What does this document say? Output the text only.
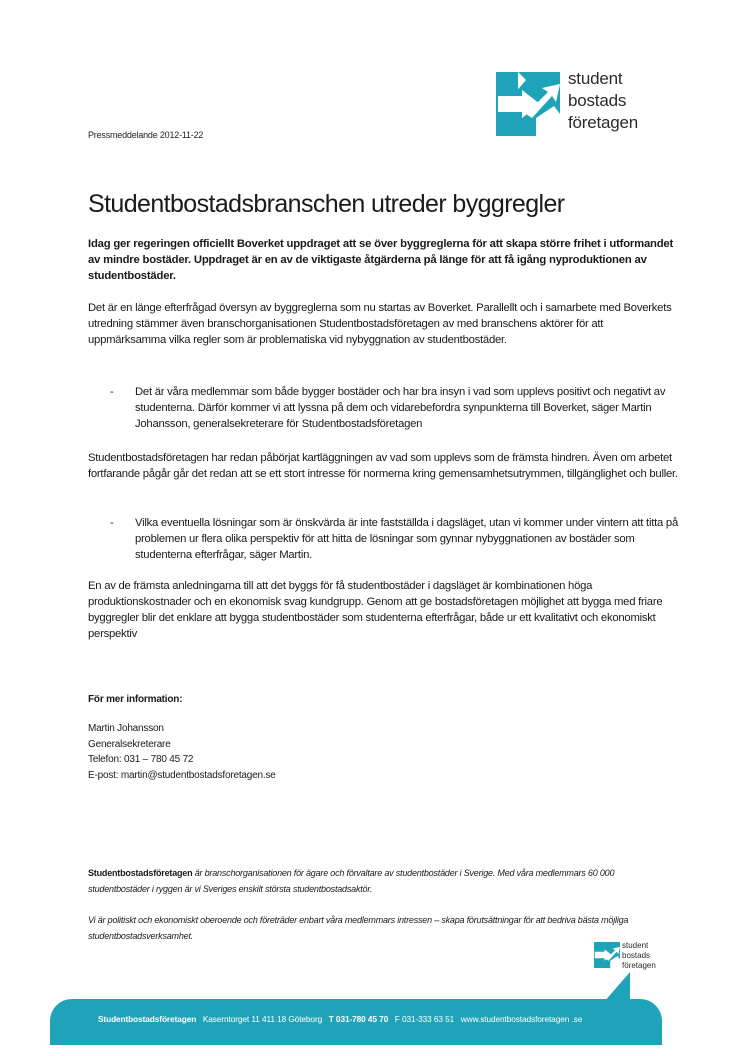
student
bostads
företagen
Pressmeddelande 2012-11-22
Studentbostadsbranschen utreder byggregler

Idag ger regeringen officiellt Boverket uppdraget att se över byggreglerna för att skapa större frihet i utformandet av mindre bostäder. Uppdraget är en av de viktigaste åtgärderna på länge för att få igång nyproduktionen av studentbostäder.

Det är en länge efterfrågad översyn av byggreglerna som nu startas av Boverket. Parallellt och i samarbete med Boverkets utredning stämmer även branschorganisationen Studentbostadsföretagen av med branschens aktörer för att uppmärksamma vilka regler som är problematiska vid nybyggnation av studentbostäder.

- Det är våra medlemmar som både bygger bostäder och har bra insyn i vad som upplevs positivt och negativt av studenterna. Därför kommer vi att lyssna på dem och vidarebefordra synpunkterna till Boverket, säger Martin Johansson, generalsekreterare för Studentbostadsföretagen

Studentbostadsföretagen har redan påbörjat kartläggningen av vad som upplevs som de främsta hindren. Även om arbetet fortfarande pågår går det redan att se ett stort intresse för normerna kring gemensamhetsutrymmen, tillgänglighet och buller.

- Vilka eventuella lösningar som är önskvärda är inte fastställda i dagsläget, utan vi kommer under vintern att titta på problemen ur flera olika perspektiv för att hitta de lösningar som gynnar nybyggnationen av bostäder som studenterna efterfrågar, säger Martin.

En av de främsta anledningarna till att det byggs för få studentbostäder i dagsläget är kombinationen höga produktionskostnader och en ekonomisk svag kundgrupp. Genom att ge bostadsföretagen möjlighet att bygga med friare byggregler blir det enklare att bygga studentbostäder som studenterna efterfrågar, både ur ett kvalitativt och ekonomiskt perspektiv

För mer information:
Martin Johansson
Generalsekreterare
Telefon: 031 – 780 45 72
E-post: martin@studentbostadsforetagen.se

Studentbostadsföretagen är branschorganisationen för ägare och förvaltare av studentbostäder i Sverige. Med våra medlemmars 60 000 studentbostäder i ryggen är vi Sveriges enskilt största studentbostadsaktör.

Vi är politiskt och ekonomiskt oberoende och företräder enbart våra medlemmars intressen – skapa förutsättningar för att bedriva bästa möjliga studentbostadsverksamhet.

student
bostads
företagen
Studentbostadsföretagen Kaserntorget 11 411 18 Göteborg T 031-780 45 70 F 031-333 63 51 www.studentbostadsforetagen .se
